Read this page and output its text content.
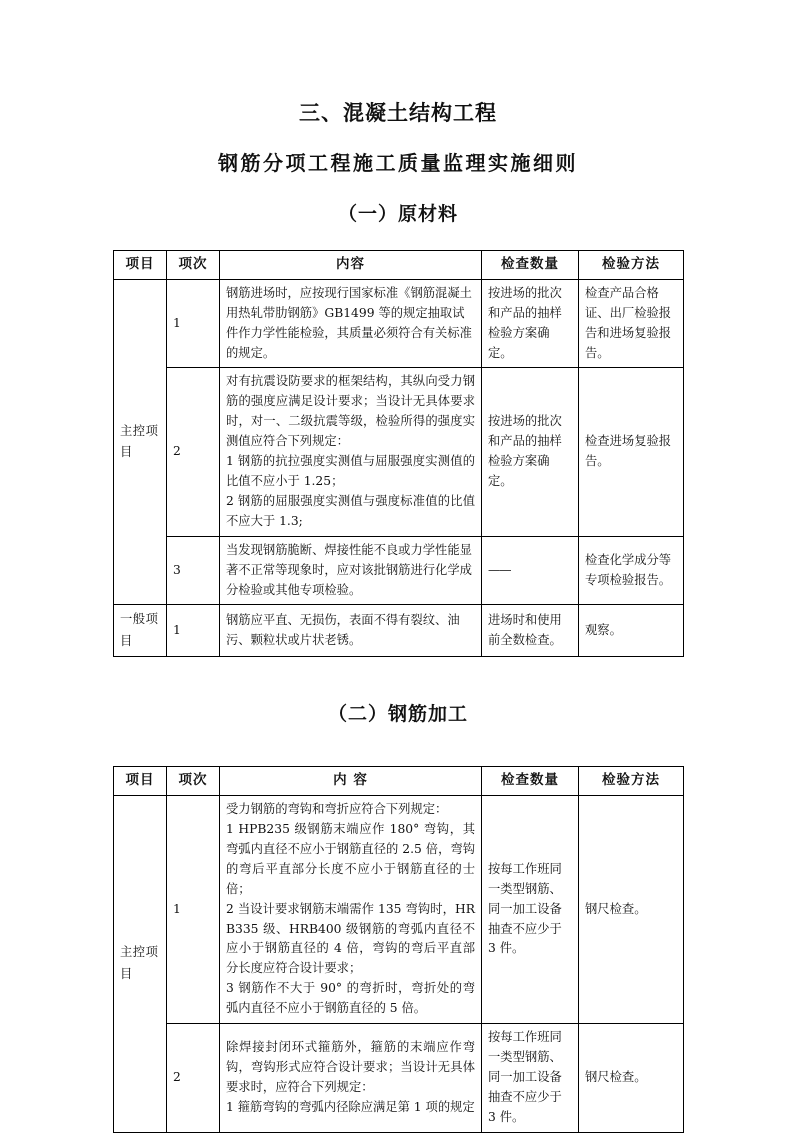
三、混凝土结构工程
钢筋分项工程施工质量监理实施细则
（一）原材料
项目	项次	内容	检查数量	检验方法
主控项目	1	钢筋进场时，应按现行国家标准《钢筋混凝土用热轧带肋钢筋》GB1499 等的规定抽取试件作力学性能检验，其质量必须符合有关标准的规定。	按进场的批次和产品的抽样检验方案确定。	检查产品合格证、出厂检验报告和进场复验报告。
	2	对有抗震设防要求的框架结构，其纵向受力钢筋的强度应满足设计要求；当设计无具体要求时，对一、二级抗震等级，检验所得的强度实测值应符合下列规定：
1 钢筋的抗拉强度实测值与屈服强度实测值的比值不应小于 1.25；
2 钢筋的屈服强度实测值与强度标准值的比值不应大于 1.3;	按进场的批次和产品的抽样检验方案确定。	检查进场复验报告。
	3	当发现钢筋脆断、焊接性能不良或力学性能显著不正常等现象时，应对该批钢筋进行化学成分检验或其他专项检验。	——	检查化学成分等专项检验报告。
一般项目	1	钢筋应平直、无损伤，表面不得有裂纹、油污、颗粒状或片状老锈。	进场时和使用前全数检查。	观察。
（二）钢筋加工
项目	项次	内 容	检查数量	检验方法
主控项目	1	受力钢筋的弯钩和弯折应符合下列规定：
1 HPB235 级钢筋末端应作 180° 弯钩，其弯弧内直径不应小于钢筋直径的 2.5 倍，弯钩的弯后平直部分长度不应小于钢筋直径的士倍；
2 当设计要求钢筋末端需作 135 弯钩时，HRB335 级、HRB400 级钢筋的弯弧内直径不应小于钢筋直径的 4 倍，弯钩的弯后平直部分长度应符合设计要求；
3 钢筋作不大于 90° 的弯折时，弯折处的弯弧内直径不应小于钢筋直径的 5 倍。	按每工作班同一类型钢筋、同一加工设备抽查不应少于 3 件。	钢尺检查。
	2	除焊接封闭环式箍筋外，箍筋的末端应作弯钩，弯钩形式应符合设计要求；当设计无具体要求时，应符合下列规定：
1 箍筋弯钩的弯弧内径除应满足第 1 项的规定	按每工作班同一类型钢筋、同一加工设备抽查不应少于 3 件。	钢尺检查。
